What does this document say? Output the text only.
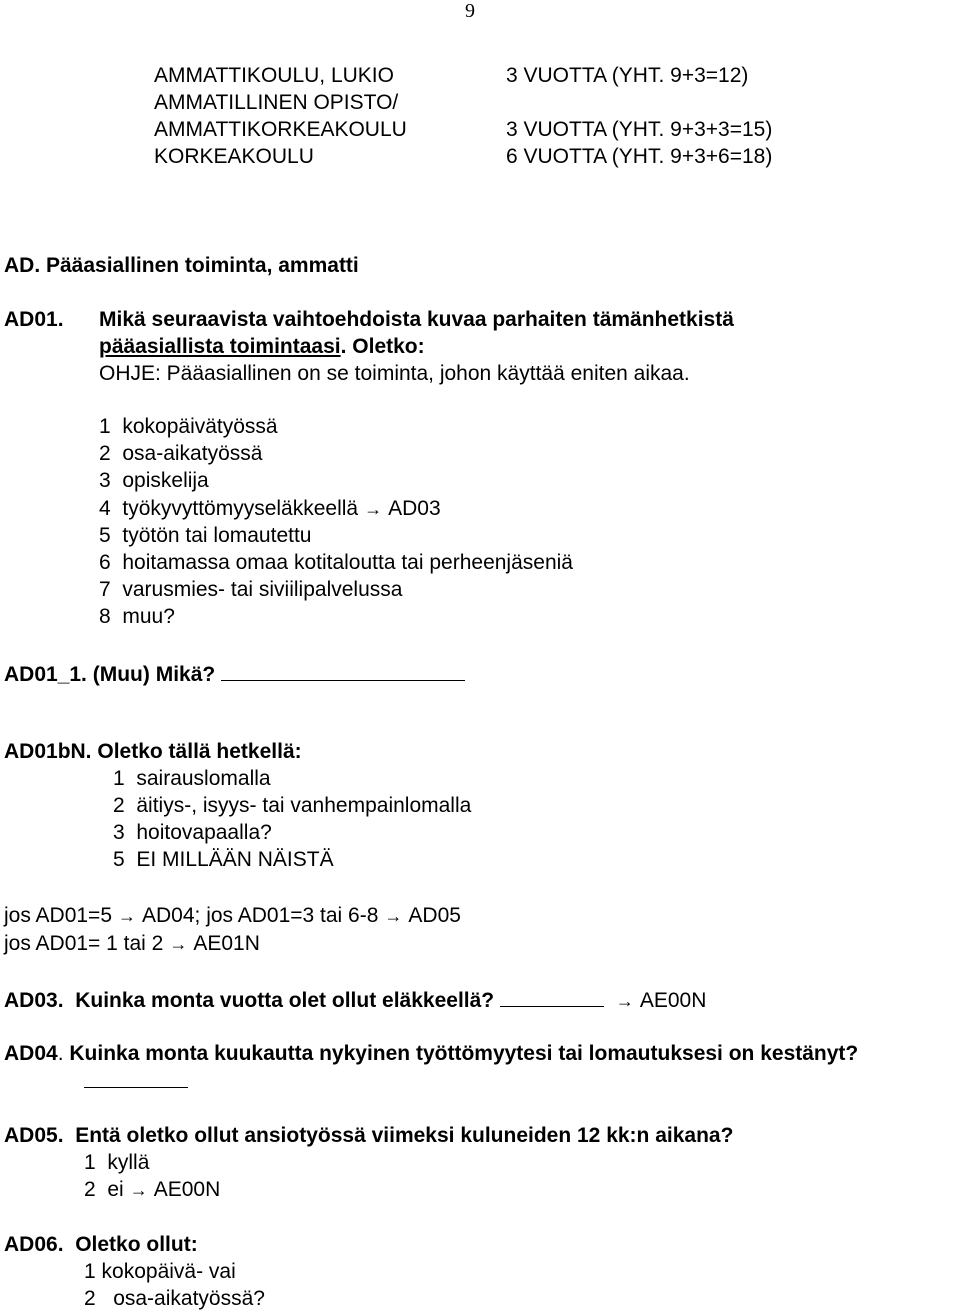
9
AMMATTIKOULU, LUKIO	3 VUOTTA (YHT. 9+3=12)
AMMATILLINEN OPISTO/
AMMATTIKORKEAKOULU	3 VUOTTA (YHT. 9+3+3=15)
KORKEAKOULU	6 VUOTTA (YHT. 9+3+6=18)
AD. Pääasiallinen toiminta, ammatti
AD01. Mikä seuraavista vaihtoehdoista kuvaa parhaiten tämänhetkistä
pääasiallista toimintaasi. Oletko:
OHJE: Pääasiallinen on se toiminta, johon käyttää eniten aikaa.
1 kokopäivätyössä
2 osa-aikatyössä
3 opiskelija
4 työkyvyttömyyseläkkeellä → AD03
5 työtön tai lomautettu
6 hoitamassa omaa kotitaloutta tai perheenjäseniä
7 varusmies- tai siviilipalvelussa
8 muu?
AD01_1. (Muu) Mikä?
AD01bN. Oletko tällä hetkellä:
1 sairauslomalla
2 äitiys-, isyys- tai vanhempainlomalla
3 hoitovapaalla?
5 EI MILLÄÄN NÄISTÄ
jos AD01=5 → AD04; jos AD01=3 tai 6-8 → AD05
jos AD01= 1 tai 2 → AE01N
AD03. Kuinka monta vuotta olet ollut eläkkeellä?	→ AE00N
AD04. Kuinka monta kuukautta nykyinen työttömyytesi tai lomautuksesi on kestänyt?
AD05. Entä oletko ollut ansiotyössä viimeksi kuluneiden 12 kk:n aikana?
1 kyllä
2 ei → AE00N
AD06. Oletko ollut:
1 kokopäivä- vai
2 osa-aikatyössä?
